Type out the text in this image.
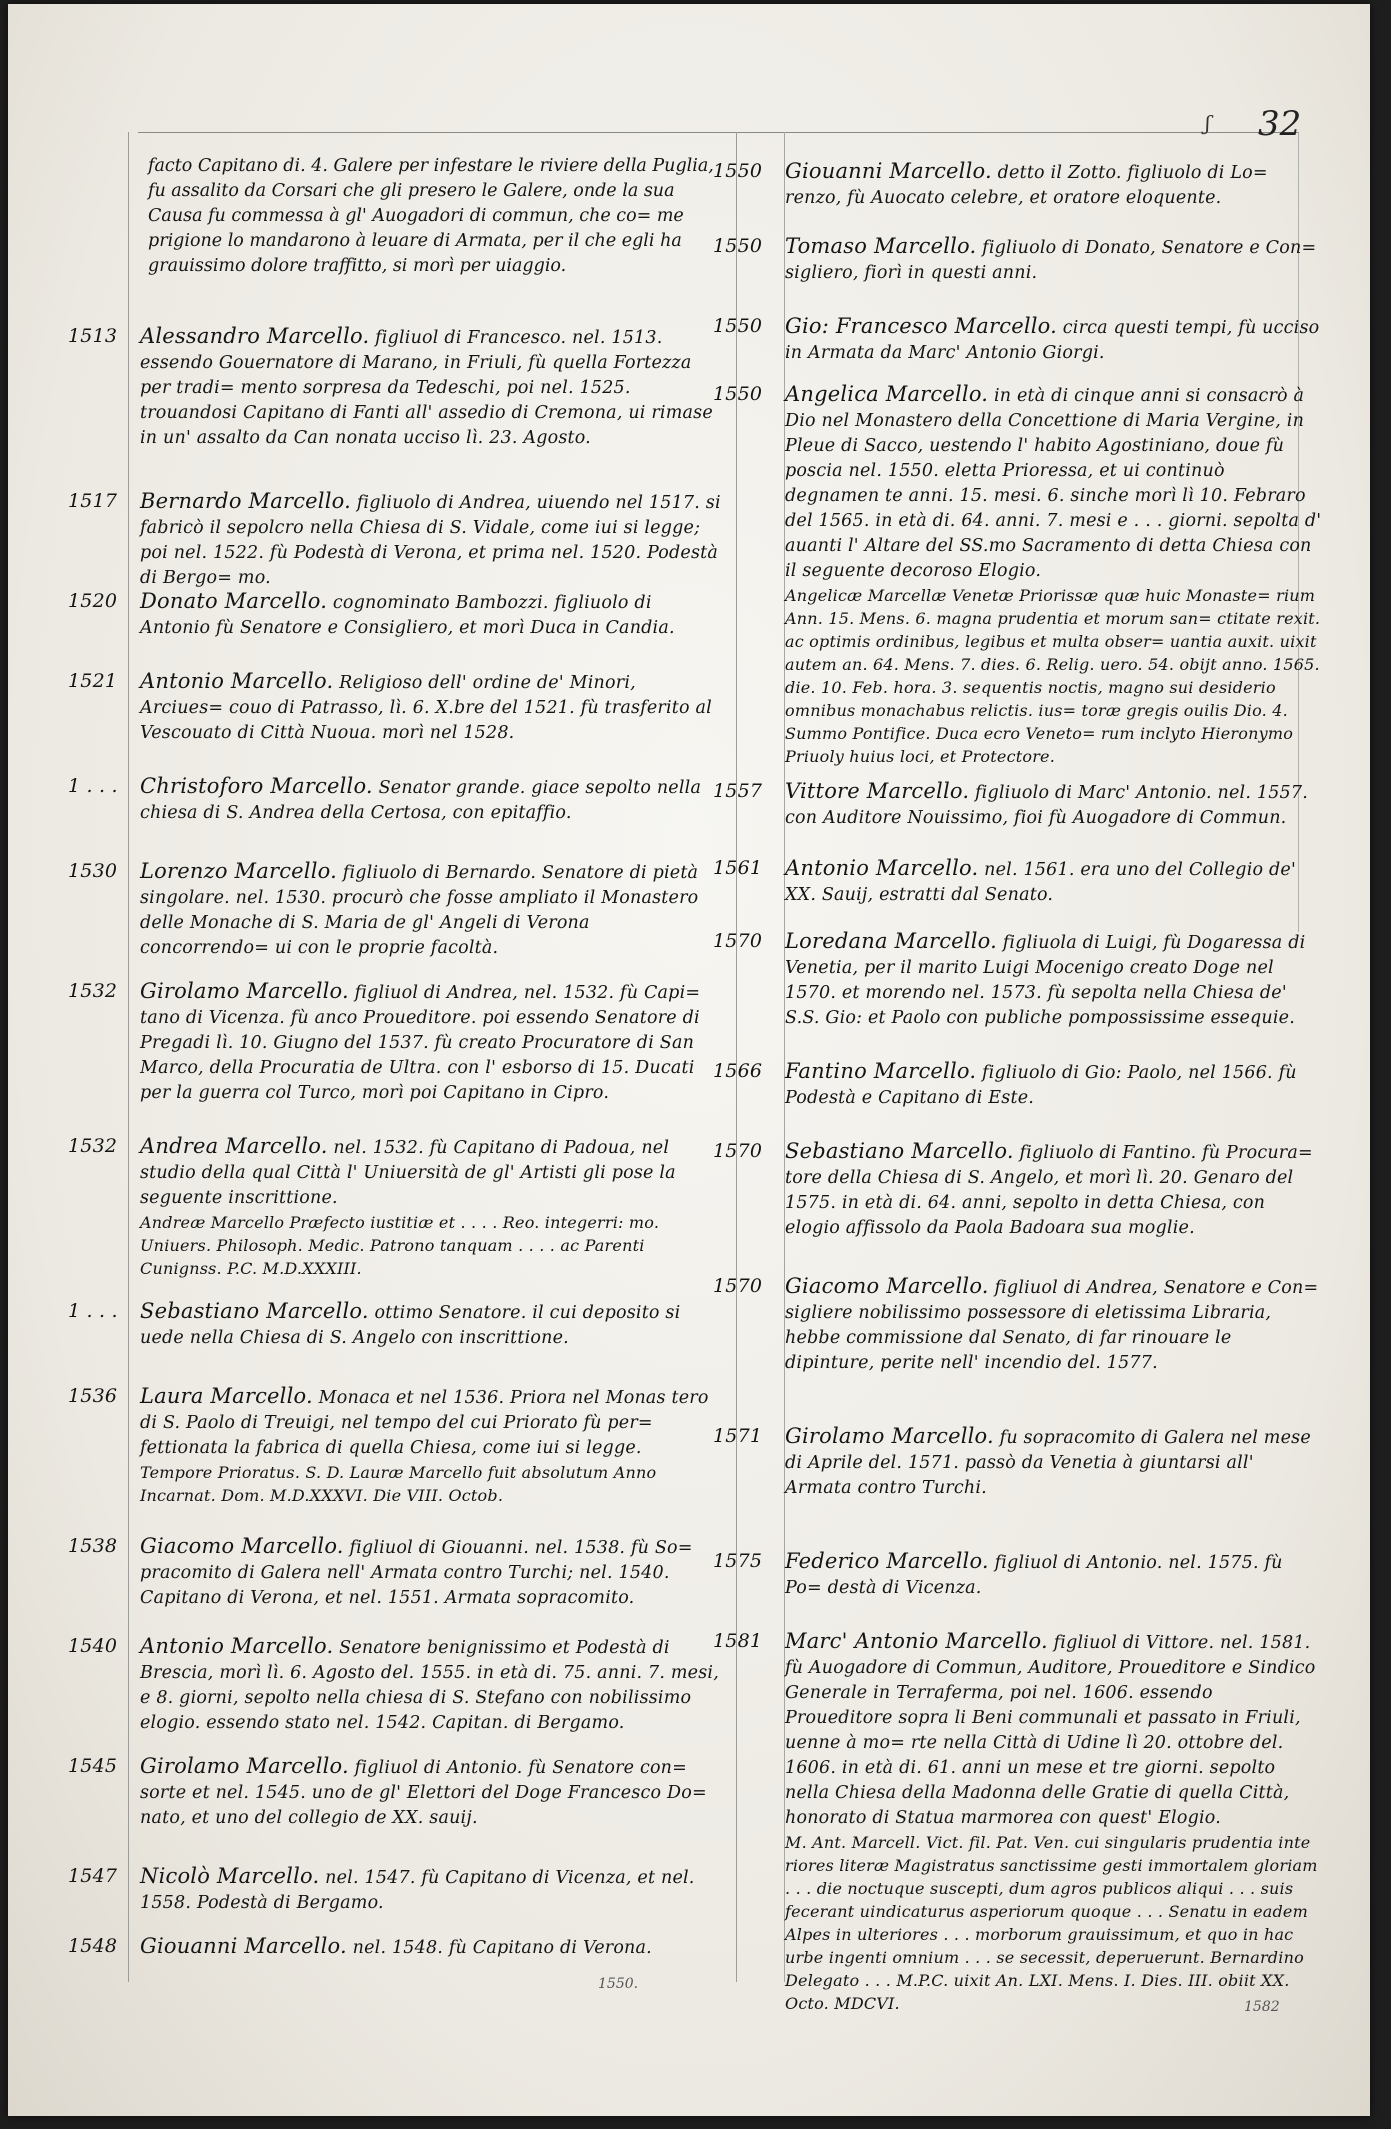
ʃ 32
facto Capitano di. 4. Galere per infestare le riviere della Puglia, fu assalito da Corsari che gli presero le Galere, onde la sua Causa fu commessa à gl' Auogadori di commun, che co= me prigione lo mandarono à leuare di Armata, per il che egli ha grauissimo dolore traffitto, si morì per uiaggio.
1513	Alessandro Marcello. figliuol di Francesco. nel. 1513. essendo Gouernatore di Marano, in Friuli, fù quella Fortezza per tradi= mento sorpresa da Tedeschi, poi nel. 1525. trouandosi Capitano di Fanti all' assedio di Cremona, ui rimase in un' assalto da Can nonata ucciso lì. 23. Agosto.
1517	Bernardo Marcello. figliuolo di Andrea, uiuendo nel 1517. si fabricò il sepolcro nella Chiesa di S. Vidale, come iui si legge; poi nel. 1522. fù Podestà di Verona, et prima nel. 1520. Podestà di Bergo= mo.
1520	Donato Marcello. cognominato Bambozzi. figliuolo di Antonio fù Senatore e Consigliero, et morì Duca in Candia.
1521	Antonio Marcello. Religioso dell' ordine de' Minori, Arciues= couo di Patrasso, lì. 6. X.bre del 1521. fù trasferito al Vescouato di Città Nuoua. morì nel 1528.
1 . . .	Christoforo Marcello. Senator grande. giace sepolto nella chiesa di S. Andrea della Certosa, con epitaffio.
1530	Lorenzo Marcello. figliuolo di Bernardo. Senatore di pietà singolare. nel. 1530. procurò che fosse ampliato il Monastero delle Monache di S. Maria de gl' Angeli di Verona concorrendo= ui con le proprie facoltà.
1532	Girolamo Marcello. figliuol di Andrea, nel. 1532. fù Capi= tano di Vicenza. fù anco Proueditore. poi essendo Senatore di Pregadi lì. 10. Giugno del 1537. fù creato Procuratore di San Marco, della Procuratia de Ultra. con l' esborso di 15. Ducati per la guerra col Turco, morì poi Capitano in Cipro.
1532	Andrea Marcello. nel. 1532. fù Capitano di Padoua, nel studio della qual Città l' Uniuersità de gl' Artisti gli pose la seguente inscrittione.
Andreæ Marcello Præfecto iustitiæ et . . . . Reo. integerri: mo. Uniuers. Philosoph. Medic. Patrono tanquam . . . . ac Parenti Cunignss. P.C. M.D.XXXIII.
1 . . .	Sebastiano Marcello. ottimo Senatore. il cui deposito si uede nella Chiesa di S. Angelo con inscrittione.
1536	Laura Marcello. Monaca et nel 1536. Priora nel Monas tero di S. Paolo di Treuigi, nel tempo del cui Priorato fù per= fettionata la fabrica di quella Chiesa, come iui si legge.
Tempore Prioratus. S. D. Lauræ Marcello fuit absolutum Anno Incarnat. Dom. M.D.XXXVI. Die VIII. Octob.
1538	Giacomo Marcello. figliuol di Giouanni. nel. 1538. fù So= pracomito di Galera nell' Armata contro Turchi; nel. 1540. Capitano di Verona, et nel. 1551. Armata sopracomito.
1540	Antonio Marcello. Senatore benignissimo et Podestà di Brescia, morì lì. 6. Agosto del. 1555. in età di. 75. anni. 7. mesi, e 8. giorni, sepolto nella chiesa di S. Stefano con nobilissimo elogio. essendo stato nel. 1542. Capitan. di Bergamo.
1545	Girolamo Marcello. figliuol di Antonio. fù Senatore con= sorte et nel. 1545. uno de gl' Elettori del Doge Francesco Do= nato, et uno del collegio de XX. sauij.
1547	Nicolò Marcello. nel. 1547. fù Capitano di Vicenza, et nel. 1558. Podestà di Bergamo.
1548	Giouanni Marcello. nel. 1548. fù Capitano di Verona.
1550	Giouanni Marcello. detto il Zotto. figliuolo di Lo= renzo, fù Auocato celebre, et oratore eloquente.
1550	Tomaso Marcello. figliuolo di Donato, Senatore e Con= sigliero, fiorì in questi anni.
1550	Gio: Francesco Marcello. circa questi tempi, fù ucciso in Armata da Marc' Antonio Giorgi.
1550	Angelica Marcello. in età di cinque anni si consacrò à Dio nel Monastero della Concettione di Maria Vergine, in Pleue di Sacco, uestendo l' habito Agostiniano, doue fù poscia nel. 1550. eletta Prioressa, et ui continuò degnamen te anni. 15. mesi. 6. sinche morì lì 10. Febraro del 1565. in età di. 64. anni. 7. mesi e . . . giorni. sepolta d' auanti l' Altare del SS.mo Sacramento di detta Chiesa con il seguente decoroso Elogio.
Angelicæ Marcellæ Venetæ Priorissæ quæ huic Monaste= rium Ann. 15. Mens. 6. magna prudentia et morum san= ctitate rexit. ac optimis ordinibus, legibus et multa obser= uantia auxit. uixit autem an. 64. Mens. 7. dies. 6. Relig. uero. 54. obijt anno. 1565. die. 10. Feb. hora. 3. sequentis noctis, magno sui desiderio omnibus monachabus relictis. ius= toræ gregis ouilis Dio. 4. Summo Pontifice. Duca ecro Veneto= rum inclyto Hieronymo Priuoly huius loci, et Protectore.
1557	Vittore Marcello. figliuolo di Marc' Antonio. nel. 1557. con Auditore Nouissimo, fioi fù Auogadore di Commun.
1561	Antonio Marcello. nel. 1561. era uno del Collegio de' XX. Sauij, estratti dal Senato.
1570	Loredana Marcello. figliuola di Luigi, fù Dogaressa di Venetia, per il marito Luigi Mocenigo creato Doge nel 1570. et morendo nel. 1573. fù sepolta nella Chiesa de' S.S. Gio: et Paolo con publiche pompossissime essequie.
1566	Fantino Marcello. figliuolo di Gio: Paolo, nel 1566. fù Podestà e Capitano di Este.
1570	Sebastiano Marcello. figliuolo di Fantino. fù Procura= tore della Chiesa di S. Angelo, et morì lì. 20. Genaro del 1575. in età di. 64. anni, sepolto in detta Chiesa, con elogio affissolo da Paola Badoara sua moglie.
1570	Giacomo Marcello. figliuol di Andrea, Senatore e Con= sigliere nobilissimo possessore di eletissima Libraria, hebbe commissione dal Senato, di far rinouare le dipinture, perite nell' incendio del. 1577.
1571	Girolamo Marcello. fu sopracomito di Galera nel mese di Aprile del. 1571. passò da Venetia à giuntarsi all' Armata contro Turchi.
1575	Federico Marcello. figliuol di Antonio. nel. 1575. fù Po= destà di Vicenza.
1581	Marc' Antonio Marcello. figliuol di Vittore. nel. 1581. fù Auogadore di Commun, Auditore, Proueditore e Sindico Generale in Terraferma, poi nel. 1606. essendo Proueditore sopra li Beni communali et passato in Friuli, uenne à mo= rte nella Città di Udine lì 20. ottobre del. 1606. in età di. 61. anni un mese et tre giorni. sepolto nella Chiesa della Madonna delle Gratie di quella Città, honorato di Statua marmorea con quest' Elogio.
M. Ant. Marcell. Vict. fil. Pat. Ven. cui singularis prudentia inte riores literæ Magistratus sanctissime gesti immortalem gloriam . . . die noctuque suscepti, dum agros publicos aliqui . . . suis fecerant uindicaturus asperiorum quoque . . . Senatu in eadem Alpes in ulteriores . . . morborum grauissimum, et quo in hac urbe ingenti omnium . . . se secessit, deperuerunt. Bernardino Delegato . . . M.P.C. uixit An. LXI. Mens. I. Dies. III. obiit XX. Octo. MDCVI.
1550.
1582
